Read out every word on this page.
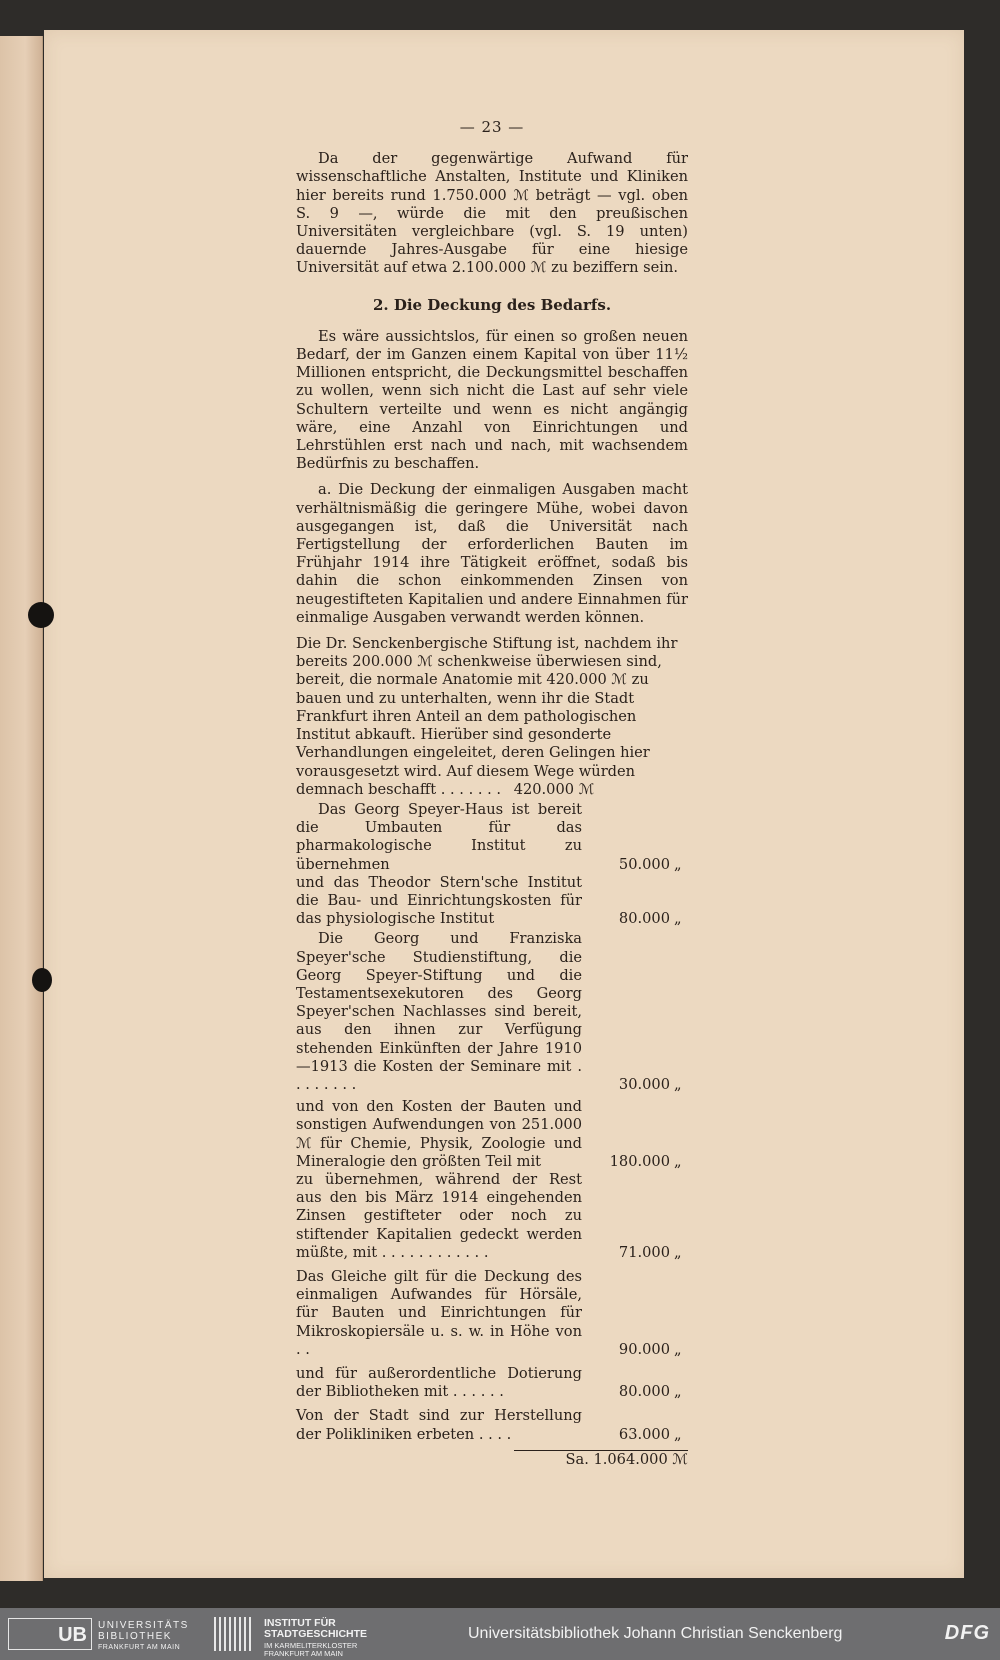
— 23 —

Da der gegenwärtige Aufwand für wissenschaftliche Anstalten, Institute und Kliniken hier bereits rund 1.750.000 ℳ beträgt — vgl. oben S. 9 —, würde die mit den preußischen Universitäten vergleichbare (vgl. S. 19 unten) dauernde Jahres-Ausgabe für eine hiesige Universität auf etwa 2.100.000 ℳ zu beziffern sein.

2. Die Deckung des Bedarfs.

Es wäre aussichtslos, für einen so großen neuen Bedarf, der im Ganzen einem Kapital von über 11½ Millionen entspricht, die Deckungsmittel beschaffen zu wollen, wenn sich nicht die Last auf sehr viele Schultern verteilte und wenn es nicht angängig wäre, eine Anzahl von Einrichtungen und Lehrstühlen erst nach und nach, mit wachsendem Bedürfnis zu beschaffen.

a. Die Deckung der einmaligen Ausgaben macht verhältnismäßig die geringere Mühe, wobei davon ausgegangen ist, daß die Universität nach Fertigstellung der erforderlichen Bauten im Frühjahr 1914 ihre Tätigkeit eröffnet, sodaß bis dahin die schon einkommenden Zinsen von neugestifteten Kapitalien und andere Einnahmen für einmalige Ausgaben verwandt werden können.

Die Dr. Senckenbergische Stiftung ist, nachdem ihr bereits 200.000 ℳ schenkweise überwiesen sind, bereit, die normale Anatomie mit 420.000 ℳ zu bauen und zu unterhalten, wenn ihr die Stadt Frankfurt ihren Anteil an dem pathologischen Institut abkauft. Hierüber sind gesonderte Verhandlungen eingeleitet, deren Gelingen hier vorausgesetzt wird. Auf diesem Wege würden demnach beschafft . . . . . . . 420.000 ℳ
Das Georg Speyer-Haus ist bereit die Umbauten für das pharmakologische Institut zu übernehmen	50.000 „
und das Theodor Stern'sche Institut die Bau- und Einrichtungskosten für das physiologische Institut	80.000 „
Die Georg und Franziska Speyer'sche Studienstiftung, die Georg Speyer-Stiftung und die Testamentsexekutoren des Georg Speyer'schen Nachlasses sind bereit, aus den ihnen zur Verfügung stehenden Einkünften der Jahre 1910—1913 die Kosten der Seminare mit . . . . . . . .	30.000 „
und von den Kosten der Bauten und sonstigen Aufwendungen von 251.000 ℳ für Chemie, Physik, Zoologie und Mineralogie den größten Teil mit	180.000 „
zu übernehmen, während der Rest aus den bis März 1914 eingehenden Zinsen gestifteter oder noch zu stiftender Kapitalien gedeckt werden müßte, mit . . . . . . . . . . . .	71.000 „
Das Gleiche gilt für die Deckung des einmaligen Aufwandes für Hörsäle, für Bauten und Einrichtungen für Mikroskopiersäle u. s. w. in Höhe von . .	90.000 „
und für außerordentliche Dotierung der Bibliotheken mit . . . . . .	80.000 „
Von der Stadt sind zur Herstellung der Polikliniken erbeten . . . .	63.000 „
Sa. 1.064.000 ℳ
UB	UNIVERSITÄTS
BIBLIOTHEK
FRANKFURT AM MAIN
INSTITUT FÜR
STADTGESCHICHTE
IM KARMELITERKLOSTER
FRANKFURT AM MAIN
Universitätsbibliothek Johann Christian Senckenberg	DFG
